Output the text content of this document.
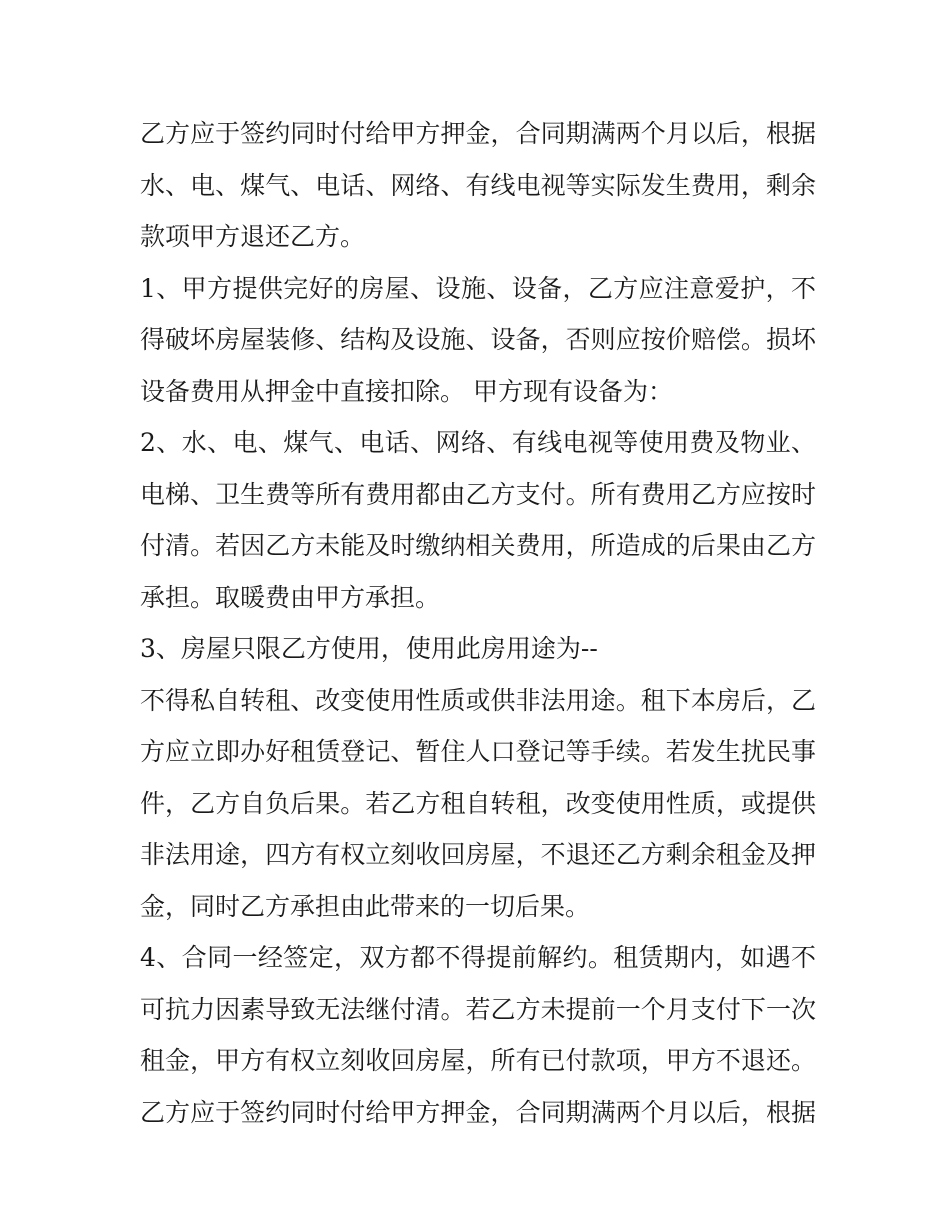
乙方应于签约同时付给甲方押金，合同期满两个月以后，根据
水、电、煤气、电话、网络、有线电视等实际发生费用，剩余
款项甲方退还乙方。
1、甲方提供完好的房屋、设施、设备，乙方应注意爱护，不
得破坏房屋装修、结构及设施、设备，否则应按价赔偿。损坏
设备费用从押金中直接扣除。 甲方现有设备为：
2、水、电、煤气、电话、网络、有线电视等使用费及物业、
电梯、卫生费等所有费用都由乙方支付。所有费用乙方应按时
付清。若因乙方未能及时缴纳相关费用，所造成的后果由乙方
承担。取暖费由甲方承担。
3、房屋只限乙方使用，使用此房用途为--
不得私自转租、改变使用性质或供非法用途。租下本房后，乙
方应立即办好租赁登记、暂住人口登记等手续。若发生扰民事
件，乙方自负后果。若乙方租自转租，改变使用性质，或提供
非法用途，四方有权立刻收回房屋，不退还乙方剩余租金及押
金，同时乙方承担由此带来的一切后果。
4、合同一经签定，双方都不得提前解约。租赁期内，如遇不
可抗力因素导致无法继付清。若乙方未提前一个月支付下一次
租金，甲方有权立刻收回房屋，所有已付款项，甲方不退还。
乙方应于签约同时付给甲方押金，合同期满两个月以后，根据
